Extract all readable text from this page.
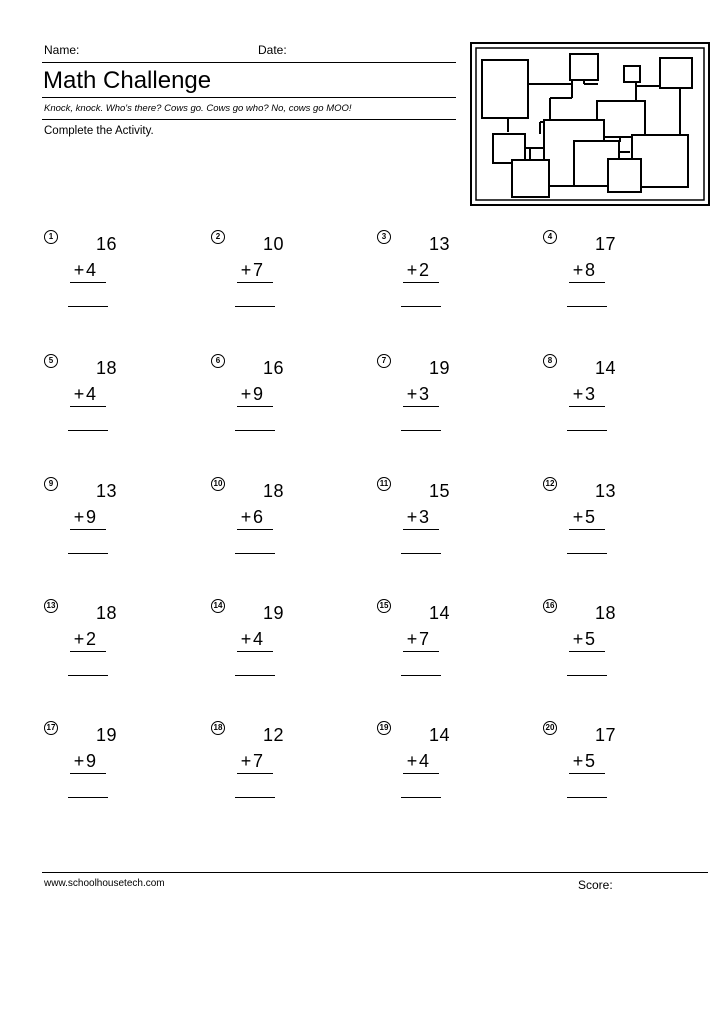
Name:	Date:
Math Challenge
Knock, knock. Who's there? Cows go. Cows go who? No, cows go MOO!
Complete the Activity.
1 16
+4
2 10
+7
3 13
+2
4 17
+8
5 18
+4
6 16
+9
7 19
+3
8 14
+3
9 13
+9
10 18
+6
11 15
+3
12 13
+5
13 18
+2
14 19
+4
15 14
+7
16 18
+5
17 19
+9
18 12
+7
19 14
+4
20 17
+5
www.schoolhousetech.com	Score:
